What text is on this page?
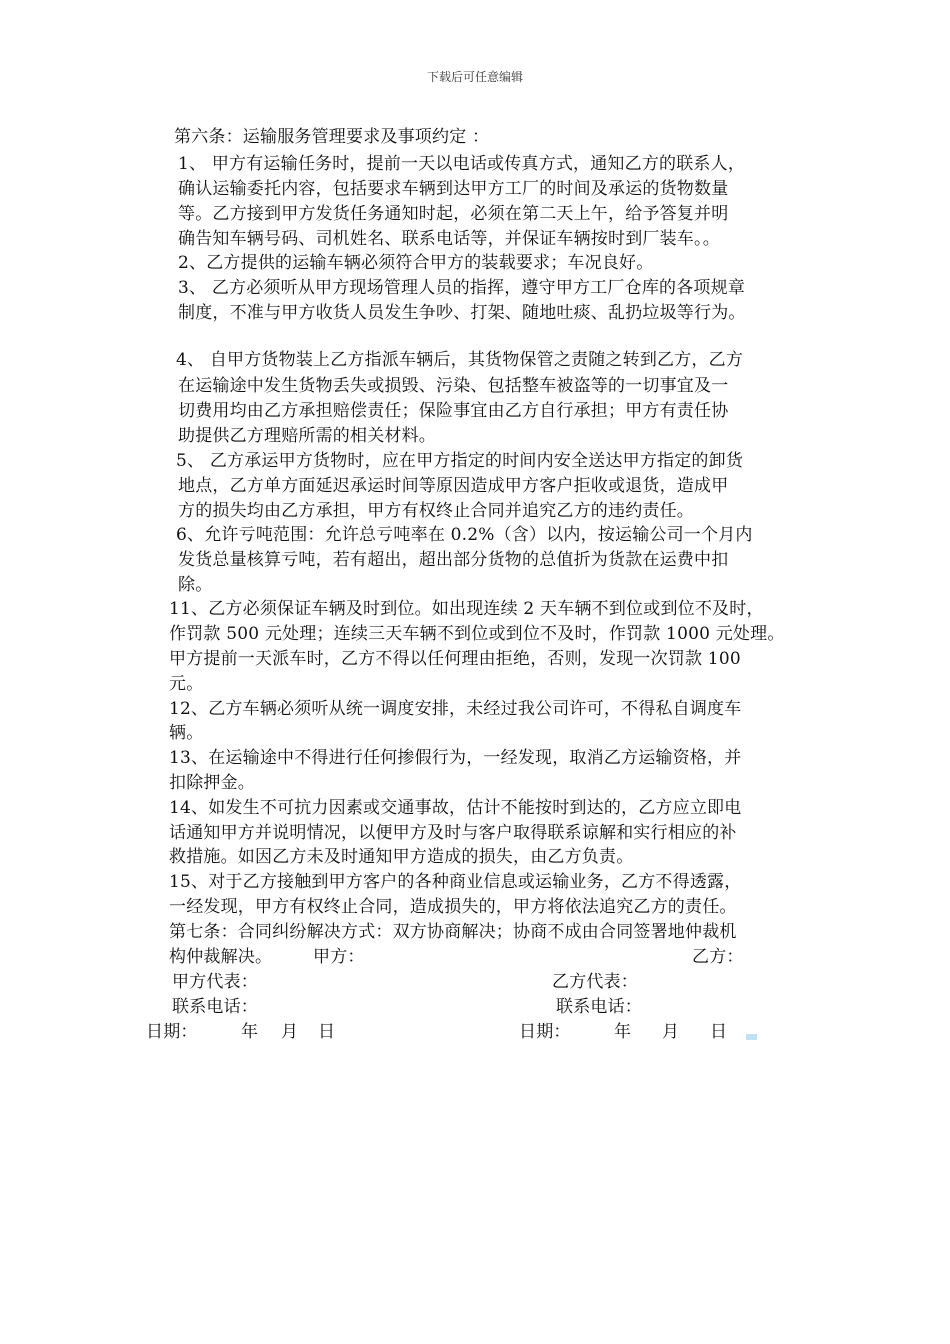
下载后可任意编辑
第六条：运输服务管理要求及事项约定 ：
1、 甲方有运输任务时，提前一天以电话或传真方式，通知乙方的联系人，
确认运输委托内容，包括要求车辆到达甲方工厂的时间及承运的货物数量
等。乙方接到甲方发货任务通知时起，必须在第二天上午，给予答复并明
确告知车辆号码、司机姓名、联系电话等，并保证车辆按时到厂装车。。
2、乙方提供的运输车辆必须符合甲方的装载要求；车况良好。
3、 乙方必须听从甲方现场管理人员的指挥，遵守甲方工厂仓库的各项规章
制度，不准与甲方收货人员发生争吵、打架、随地吐痰、乱扔垃圾等行为。
4、 自甲方货物装上乙方指派车辆后，其货物保管之责随之转到乙方，乙方
在运输途中发生货物丢失或损毁、污染、包括整车被盗等的一切事宜及一
切费用均由乙方承担赔偿责任；保险事宜由乙方自行承担；甲方有责任协
助提供乙方理赔所需的相关材料。
5、 乙方承运甲方货物时，应在甲方指定的时间内安全送达甲方指定的卸货
地点，乙方单方面延迟承运时间等原因造成甲方客户拒收或退货，造成甲
方的损失均由乙方承担，甲方有权终止合同并追究乙方的违约责任。
6、允许亏吨范围：允许总亏吨率在 0.2%（含）以内，按运输公司一个月内
发货总量核算亏吨，若有超出，超出部分货物的总值折为货款在运费中扣
除。
11、乙方必须保证车辆及时到位。如出现连续 2 天车辆不到位或到位不及时，
作罚款 500 元处理；连续三天车辆不到位或到位不及时，作罚款 1000 元处理。
甲方提前一天派车时，乙方不得以任何理由拒绝，否则，发现一次罚款 100
元。
12、乙方车辆必须听从统一调度安排，未经过我公司许可，不得私自调度车
辆。
13、在运输途中不得进行任何掺假行为，一经发现，取消乙方运输资格，并
扣除押金。
14、如发生不可抗力因素或交通事故，估计不能按时到达的，乙方应立即电
话通知甲方并说明情况，以便甲方及时与客户取得联系谅解和实行相应的补
救措施。如因乙方未及时通知甲方造成的损失，由乙方负责。
15、对于乙方接触到甲方客户的各种商业信息或运输业务，乙方不得透露，
一经发现，甲方有权终止合同，造成损失的，甲方将依法追究乙方的责任。
第七条：合同纠纷解决方式：双方协商解决；协商不成由合同签署地仲裁机
构仲裁解决。 甲方：	乙方：
甲方代表：	乙方代表：
联系电话：	联系电话：
日期：	年 月 日	日期：	年 月 日
